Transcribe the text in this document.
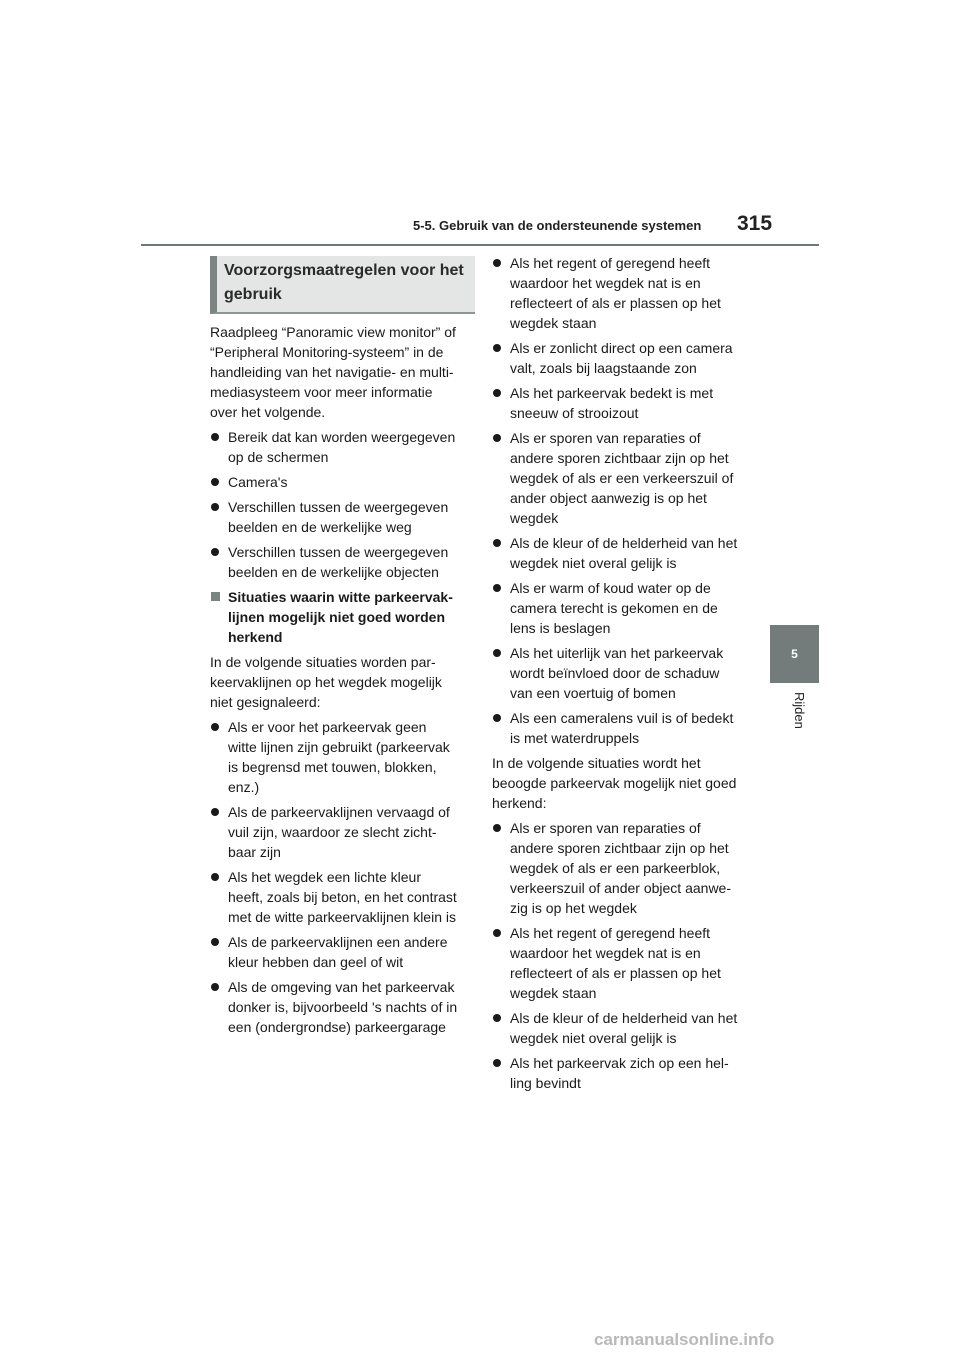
5-5. Gebruik van de ondersteunende systemen 315
5
Rijden
Voorzorgsmaatregelen voor het gebruik
Raadpleeg “Panoramic view monitor” of
“Peripheral Monitoring-systeem” in de
handleiding van het navigatie- en multi-
mediasysteem voor meer informatie
over het volgende.
Bereik dat kan worden weergegeven
op de schermen
Camera's
Verschillen tussen de weergegeven
beelden en de werkelijke weg
Verschillen tussen de weergegeven
beelden en de werkelijke objecten
Situaties waarin witte parkeervak-
lijnen mogelijk niet goed worden
herkend
In de volgende situaties worden par-
keervaklijnen op het wegdek mogelijk
niet gesignaleerd:
Als er voor het parkeervak geen
witte lijnen zijn gebruikt (parkeervak
is begrensd met touwen, blokken,
enz.)
Als de parkeervaklijnen vervaagd of
vuil zijn, waardoor ze slecht zicht-
baar zijn
Als het wegdek een lichte kleur
heeft, zoals bij beton, en het contrast
met de witte parkeervaklijnen klein is
Als de parkeervaklijnen een andere
kleur hebben dan geel of wit
Als de omgeving van het parkeervak
donker is, bijvoorbeeld 's nachts of in
een (ondergrondse) parkeergarage
Als het regent of geregend heeft
waardoor het wegdek nat is en
reflecteert of als er plassen op het
wegdek staan
Als er zonlicht direct op een camera
valt, zoals bij laagstaande zon
Als het parkeervak bedekt is met
sneeuw of strooizout
Als er sporen van reparaties of
andere sporen zichtbaar zijn op het
wegdek of als er een verkeerszuil of
ander object aanwezig is op het
wegdek
Als de kleur of de helderheid van het
wegdek niet overal gelijk is
Als er warm of koud water op de
camera terecht is gekomen en de
lens is beslagen
Als het uiterlijk van het parkeervak
wordt beïnvloed door de schaduw
van een voertuig of bomen
Als een cameralens vuil is of bedekt
is met waterdruppels
In de volgende situaties wordt het
beoogde parkeervak mogelijk niet goed
herkend:
Als er sporen van reparaties of
andere sporen zichtbaar zijn op het
wegdek of als er een parkeerblok,
verkeerszuil of ander object aanwe-
zig is op het wegdek
Als het regent of geregend heeft
waardoor het wegdek nat is en
reflecteert of als er plassen op het
wegdek staan
Als de kleur of de helderheid van het
wegdek niet overal gelijk is
Als het parkeervak zich op een hel-
ling bevindt
carmanualsonline.info
